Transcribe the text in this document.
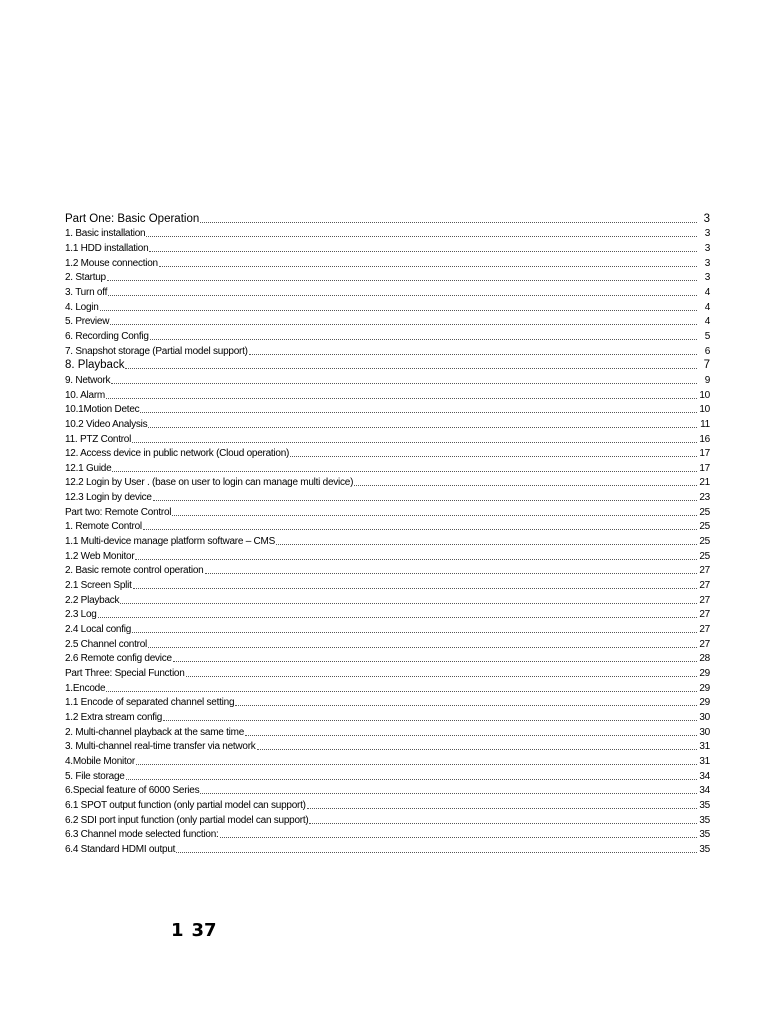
Part One: Basic Operation	3
1. Basic installation	3
1.1 HDD installation	3
1.2 Mouse connection	3
2. Startup	3
3. Turn off	4
4. Login	4
5. Preview	4
6. Recording Config	5
7. Snapshot storage (Partial model support)	6
8. Playback	7
9. Network	9
10. Alarm	10
10.1Motion Detec	10
10.2 Video Analysis	11
11. PTZ Control	16
12. Access device in public network (Cloud operation)	17
12.1 Guide	17
12.2 Login by User . (base on user to login can manage multi device)	21
12.3 Login by device	23
Part two: Remote Control	25
1. Remote Control	25
1.1 Multi-device manage platform software – CMS	25
1.2 Web Monitor	25
2. Basic remote control operation	27
2.1 Screen Split	27
2.2 Playback	27
2.3 Log	27
2.4 Local config	27
2.5 Channel control	27
2.6 Remote config device	28
Part Three: Special Function	29
1.Encode	29
1.1 Encode of separated channel setting	29
1.2 Extra stream config	30
2. Multi-channel playback at the same time	30
3. Multi-channel real-time transfer via network	31
4.Mobile Monitor	31
5. File storage	34
6.Special feature of 6000 Series	34
6.1 SPOT output function (only partial model can support)	35
6.2 SDI port input function (only partial model can support)	35
6.3 Channel mode selected function:	35
6.4 Standard HDMI output	35
1 37
